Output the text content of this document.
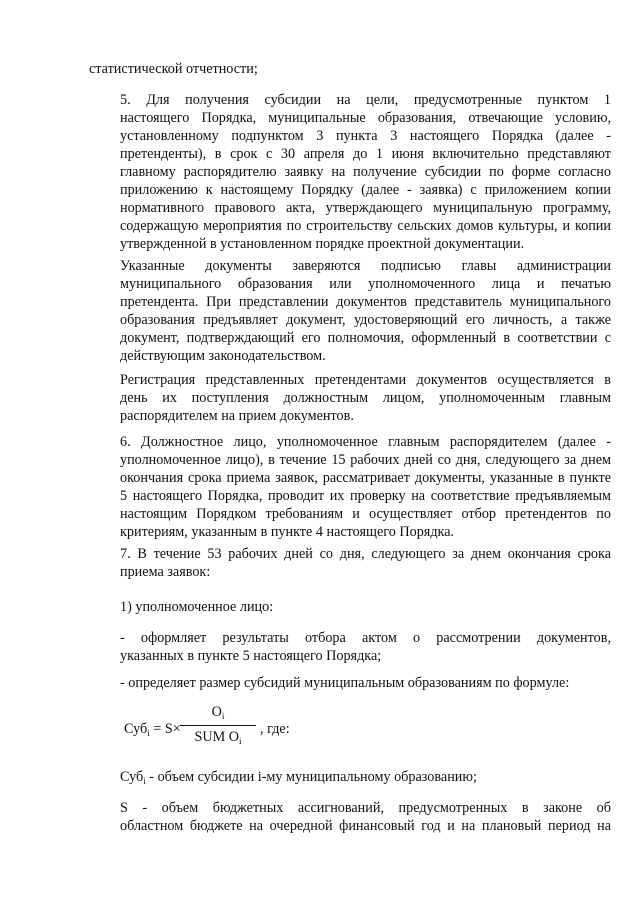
статистической отчетности;

5. Для получения субсидии на цели, предусмотренные пунктом 1
настоящего Порядка, муниципальные образования, отвечающие условию,
установленному подпунктом 3 пункта 3 настоящего Порядка (далее -
претенденты), в срок с 30 апреля до 1 июня включительно представляют
главному распорядителю заявку на получение субсидии по форме согласно
приложению к настоящему Порядку (далее - заявка) с приложением копии
нормативного правового акта, утверждающего муниципальную программу,
содержащую мероприятия по строительству сельских домов культуры, и копии
утвержденной в установленном порядке проектной документации.

Указанные документы заверяются подписью главы администрации
муниципального образования или уполномоченного лица и печатью
претендента. При представлении документов представитель муниципального
образования предъявляет документ, удостоверяющий его личность, а также
документ, подтверждающий его полномочия, оформленный в соответствии с
действующим законодательством.

Регистрация представленных претендентами документов осуществляется в
день их поступления должностным лицом, уполномоченным главным
распорядителем на прием документов.

6. Должностное лицо, уполномоченное главным распорядителем (далее -
уполномоченное лицо), в течение 15 рабочих дней со дня, следующего за днем
окончания срока приема заявок, рассматривает документы, указанные в пункте
5 настоящего Порядка, проводит их проверку на соответствие предъявляемым
настоящим Порядком требованиям и осуществляет отбор претендентов по
критериям, указанным в пункте 4 настоящего Порядка.

7. В течение 53 рабочих дней со дня, следующего за днем окончания срока
приема заявок:

1) уполномоченное лицо:

- оформляет результаты отбора актом о рассмотрении документов,
указанных в пункте 5 настоящего Порядка;

- определяет размер субсидий муниципальным образованиям по формуле:

Суб$_i$ = S×
$O_i$
SUM $O_i$
, где:

Суб$_i$ - объем субсидии i-му муниципальному образованию;

S - объем бюджетных ассигнований, предусмотренных в законе об
областном бюджете на очередной финансовый год и на плановый период на
